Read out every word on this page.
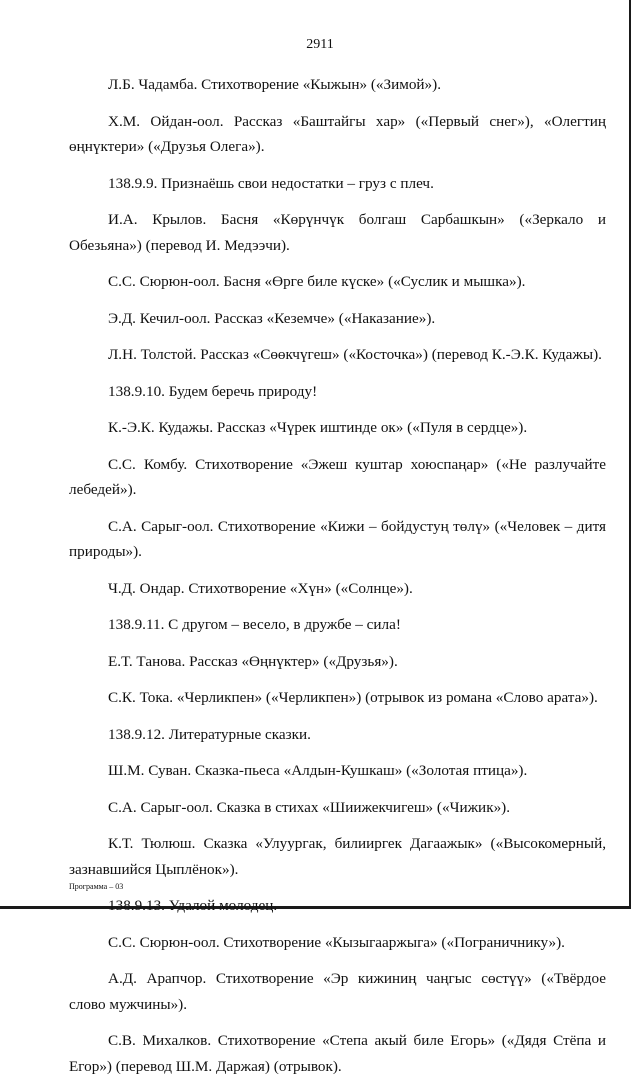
2911

Л.Б. Чадамба. Стихотворение «Кыжын» («Зимой»).

Х.М. Ойдан-оол. Рассказ «Баштайгы хар» («Первый снег»), «Олегтиң өңнүктери» («Друзья Олега»).

138.9.9. Признаёшь свои недостатки – груз с плеч.

И.А. Крылов. Басня «Көрүнчүк болгаш Сарбашкын» («Зеркало и Обезьяна») (перевод И. Медээчи).

С.С. Сюрюн-оол. Басня «Өрге биле күске» («Суслик и мышка»).

Э.Д. Кечил-оол. Рассказ «Кеземче» («Наказание»).

Л.Н. Толстой. Рассказ «Сөөкчүгеш» («Косточка») (перевод К.-Э.К. Кудажы).

138.9.10. Будем беречь природу!

К.-Э.К. Кудажы. Рассказ «Чүрек иштинде ок» («Пуля в сердце»).

С.С. Комбу. Стихотворение «Эжеш куштар хоюспаңар» («Не разлучайте лебедей»).

С.А. Сарыг-оол. Стихотворение «Кижи – бойдустуң төлү» («Человек – дитя природы»).

Ч.Д. Ондар. Стихотворение «Хүн» («Солнце»).

138.9.11. С другом – весело, в дружбе – сила!

Е.Т. Танова. Рассказ «Өңнүктер» («Друзья»).

С.К. Тока. «Черликпен» («Черликпен») (отрывок из романа «Слово арата»).

138.9.12. Литературные сказки.

Ш.М. Суван. Сказка-пьеса «Алдын-Кушкаш» («Золотая птица»).

С.А. Сарыг-оол. Сказка в стихах «Шиижекчигеш» («Чижик»).

К.Т. Тюлюш. Сказка «Улуургак, билииргек Дагаажык» («Высокомерный, зазнавшийся Цыплёнок»).

138.9.13. Удалой молодец.

С.С. Сюрюн-оол. Стихотворение «Кызыгааржыга» («Пограничнику»).

А.Д. Арапчор. Стихотворение «Эр кижиниң чаңгыс сөстүү» («Твёрдое слово мужчины»).

С.В. Михалков. Стихотворение «Степа акый биле Егорь» («Дядя Стёпа и Егор») (перевод Ш.М. Даржая) (отрывок).

Программа – 03
